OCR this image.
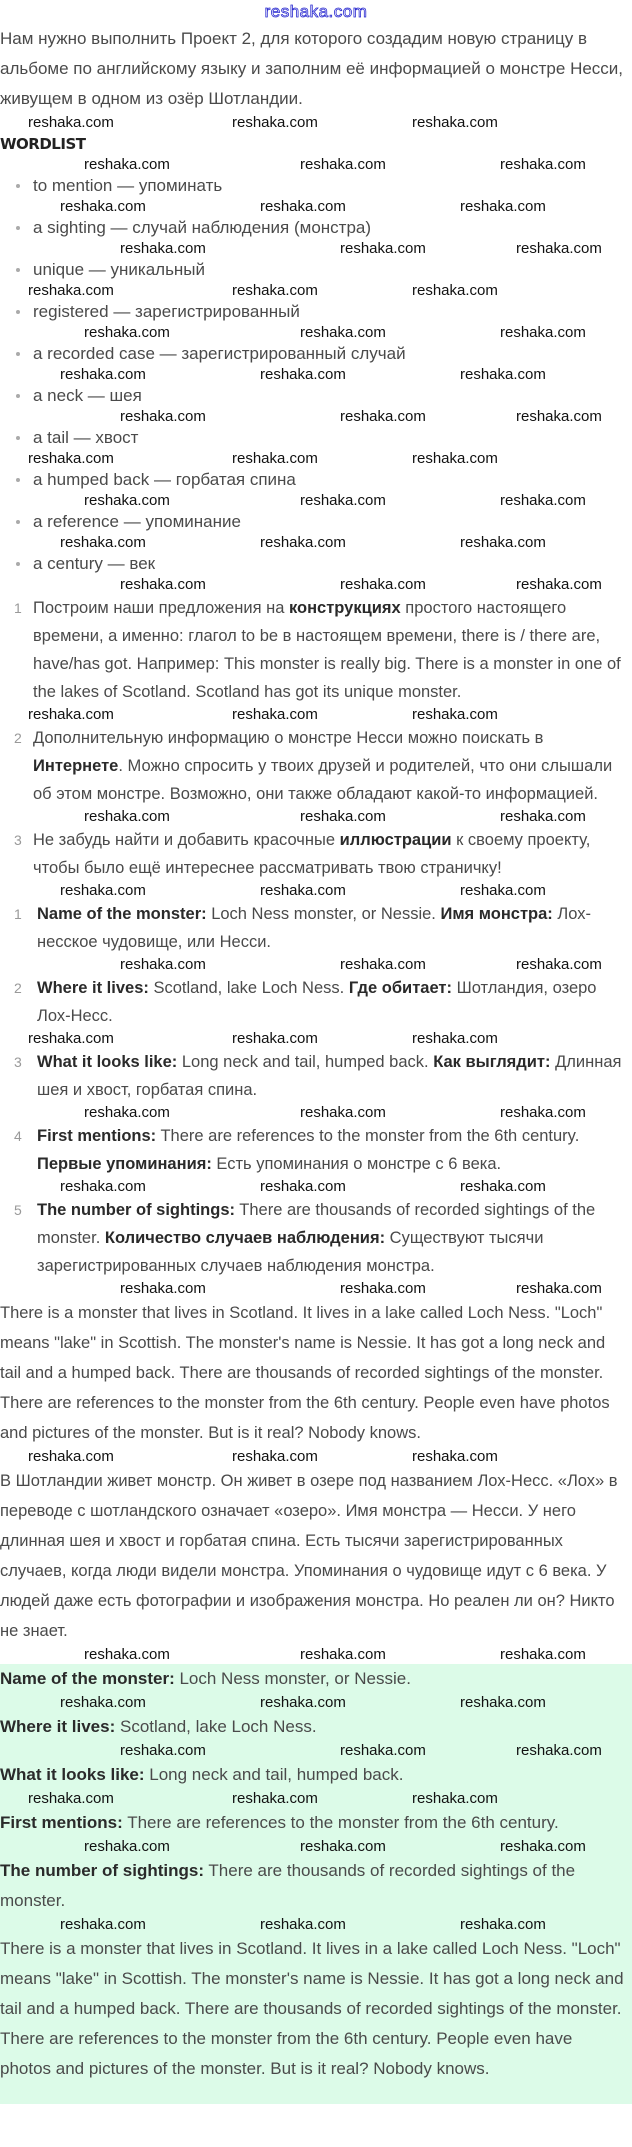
reshaka.com
Нам нужно выполнить Проект 2, для которого создадим новую страницу в альбоме по английскому языку и заполним её информацией о монстре Несси, живущем в одном из озёр Шотландии.
reshaka.com	reshaka.com	reshaka.com
WORDLIST
reshaka.com	reshaka.com	reshaka.com
to mention — упоминать
reshaka.com	reshaka.com	reshaka.com
a sighting — случай наблюдения (монстра)
reshaka.com	reshaka.com	reshaka.com
unique — уникальный
reshaka.com	reshaka.com	reshaka.com
registered — зарегистрированный
reshaka.com	reshaka.com	reshaka.com
a recorded case — зарегистрированный случай
reshaka.com	reshaka.com	reshaka.com
a neck — шея
reshaka.com	reshaka.com	reshaka.com
a tail — хвост
reshaka.com	reshaka.com	reshaka.com
a humped back — горбатая спина
reshaka.com	reshaka.com	reshaka.com
a reference — упоминание
reshaka.com	reshaka.com	reshaka.com
a century — век
reshaka.com	reshaka.com	reshaka.com
1 Построим наши предложения на конструкциях простого настоящего времени, а именно: глагол to be в настоящем времени, there is / there are, have/has got. Например: This monster is really big. There is a monster in one of the lakes of Scotland. Scotland has got its unique monster.
reshaka.com	reshaka.com	reshaka.com
2 Дополнительную информацию о монстре Несси можно поискать в Интернете. Можно спросить у твоих друзей и родителей, что они слышали об этом монстре. Возможно, они также обладают какой-то информацией.
reshaka.com	reshaka.com	reshaka.com
3 Не забудь найти и добавить красочные иллюстрации к своему проекту, чтобы было ещё интереснее рассматривать твою страничку!
reshaka.com	reshaka.com	reshaka.com
1 Name of the monster: Loch Ness monster, or Nessie. Имя монстра: Лох-несское чудовище, или Несси.
reshaka.com	reshaka.com	reshaka.com
2 Where it lives: Scotland, lake Loch Ness. Где обитает: Шотландия, озеро Лох-Несс.
reshaka.com	reshaka.com	reshaka.com
3 What it looks like: Long neck and tail, humped back. Как выглядит: Длинная шея и хвост, горбатая спина.
reshaka.com	reshaka.com	reshaka.com
4 First mentions: There are references to the monster from the 6th century. Первые упоминания: Есть упоминания о монстре с 6 века.
reshaka.com	reshaka.com	reshaka.com
5 The number of sightings: There are thousands of recorded sightings of the monster. Количество случаев наблюдения: Существуют тысячи зарегистрированных случаев наблюдения монстра.
reshaka.com	reshaka.com	reshaka.com
There is a monster that lives in Scotland. It lives in a lake called Loch Ness. "Loch" means "lake" in Scottish. The monster's name is Nessie. It has got a long neck and tail and a humped back. There are thousands of recorded sightings of the monster. There are references to the monster from the 6th century. People even have photos and pictures of the monster. But is it real? Nobody knows.
reshaka.com	reshaka.com	reshaka.com
В Шотландии живет монстр. Он живет в озере под названием Лох-Несс. «Лох» в переводе с шотландского означает «озеро». Имя монстра — Несси. У него длинная шея и хвост и горбатая спина. Есть тысячи зарегистрированных случаев, когда люди видели монстра. Упоминания о чудовище идут с 6 века. У людей даже есть фотографии и изображения монстра. Но реален ли он? Никто не знает.
reshaka.com	reshaka.com	reshaka.com
Name of the monster: Loch Ness monster, or Nessie.
reshaka.com	reshaka.com	reshaka.com
Where it lives: Scotland, lake Loch Ness.
reshaka.com	reshaka.com	reshaka.com
What it looks like: Long neck and tail, humped back.
reshaka.com	reshaka.com	reshaka.com
First mentions: There are references to the monster from the 6th century.
reshaka.com	reshaka.com	reshaka.com
The number of sightings: There are thousands of recorded sightings of the monster.
reshaka.com	reshaka.com	reshaka.com
There is a monster that lives in Scotland. It lives in a lake called Loch Ness. "Loch" means "lake" in Scottish. The monster's name is Nessie. It has got a long neck and tail and a humped back. There are thousands of recorded sightings of the monster. There are references to the monster from the 6th century. People even have photos and pictures of the monster. But is it real? Nobody knows.
